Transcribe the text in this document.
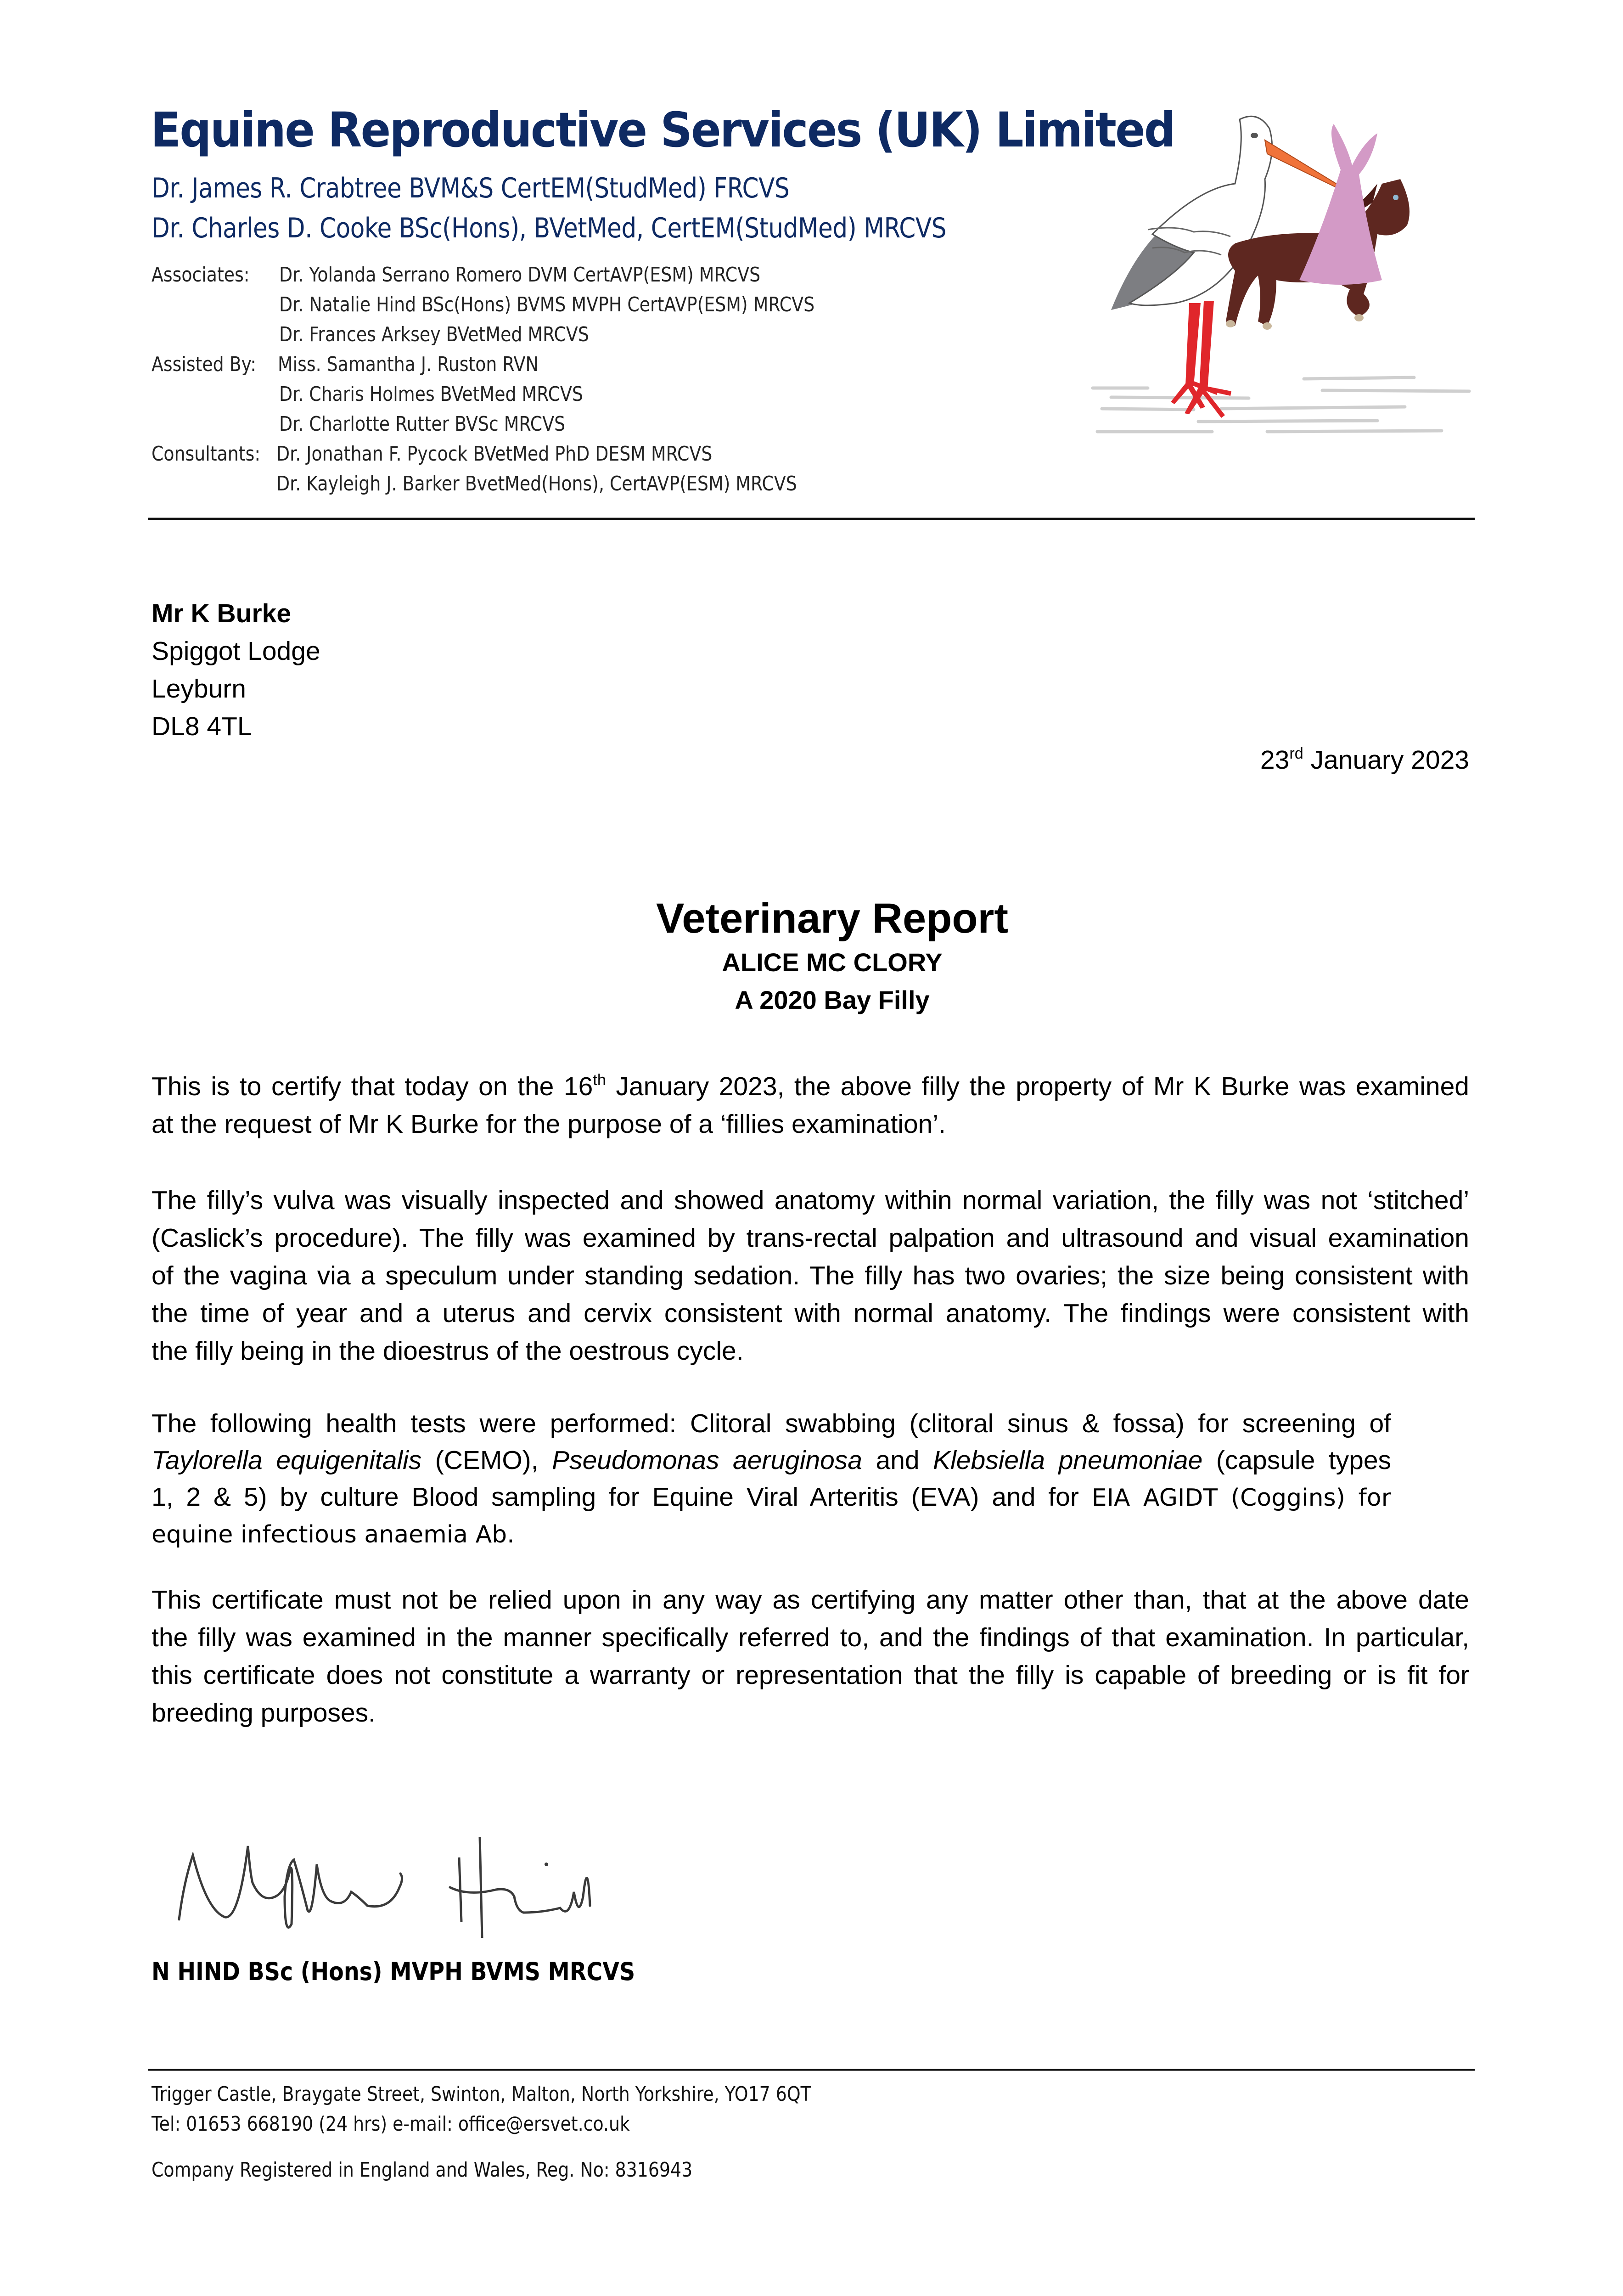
Equine Reproductive Services (UK) Limited
Dr. James R. Crabtree BVM&S CertEM(StudMed) FRCVS
Dr. Charles D. Cooke BSc(Hons), BVetMed, CertEM(StudMed) MRCVS
Associates: Dr. Yolanda Serrano Romero DVM CertAVP(ESM) MRCVS
Dr. Natalie Hind BSc(Hons) BVMS MVPH CertAVP(ESM) MRCVS
Dr. Frances Arksey BVetMed MRCVS
Assisted By: Miss. Samantha J. Ruston RVN
Dr. Charis Holmes BVetMed MRCVS
Dr. Charlotte Rutter BVSc MRCVS
Consultants: Dr. Jonathan F. Pycock BVetMed PhD DESM MRCVS
Dr. Kayleigh J. Barker BvetMed(Hons), CertAVP(ESM) MRCVS
Mr K Burke
Spiggot Lodge
Leyburn
DL8 4TL
23rd January 2023
Veterinary Report
ALICE MC CLORY
A 2020 Bay Filly
This is to certify that today on the 16th January 2023, the above filly the property of Mr K Burke was examined
at the request of Mr K Burke for the purpose of a ‘fillies examination’.
The filly’s vulva was visually inspected and showed anatomy within normal variation, the filly was not ‘stitched’
(Caslick’s procedure). The filly was examined by trans-rectal palpation and ultrasound and visual examination
of the vagina via a speculum under standing sedation. The filly has two ovaries; the size being consistent with
the time of year and a uterus and cervix consistent with normal anatomy. The findings were consistent with
the filly being in the dioestrus of the oestrous cycle.
The following health tests were performed: Clitoral swabbing (clitoral sinus & fossa) for screening of
Taylorella equigenitalis (CEMO), Pseudomonas aeruginosa and Klebsiella pneumoniae (capsule types
1, 2 & 5) by culture Blood sampling for Equine Viral Arteritis (EVA) and for EIA AGIDT (Coggins) for
equine infectious anaemia Ab.
This certificate must not be relied upon in any way as certifying any matter other than, that at the above date
the filly was examined in the manner specifically referred to, and the findings of that examination. In particular,
this certificate does not constitute a warranty or representation that the filly is capable of breeding or is fit for
breeding purposes.
N HIND BSc (Hons) MVPH BVMS MRCVS
Trigger Castle, Braygate Street, Swinton, Malton, North Yorkshire, YO17 6QT
Tel: 01653 668190 (24 hrs) e-mail: office@ersvet.co.uk
Company Registered in England and Wales, Reg. No: 8316943
